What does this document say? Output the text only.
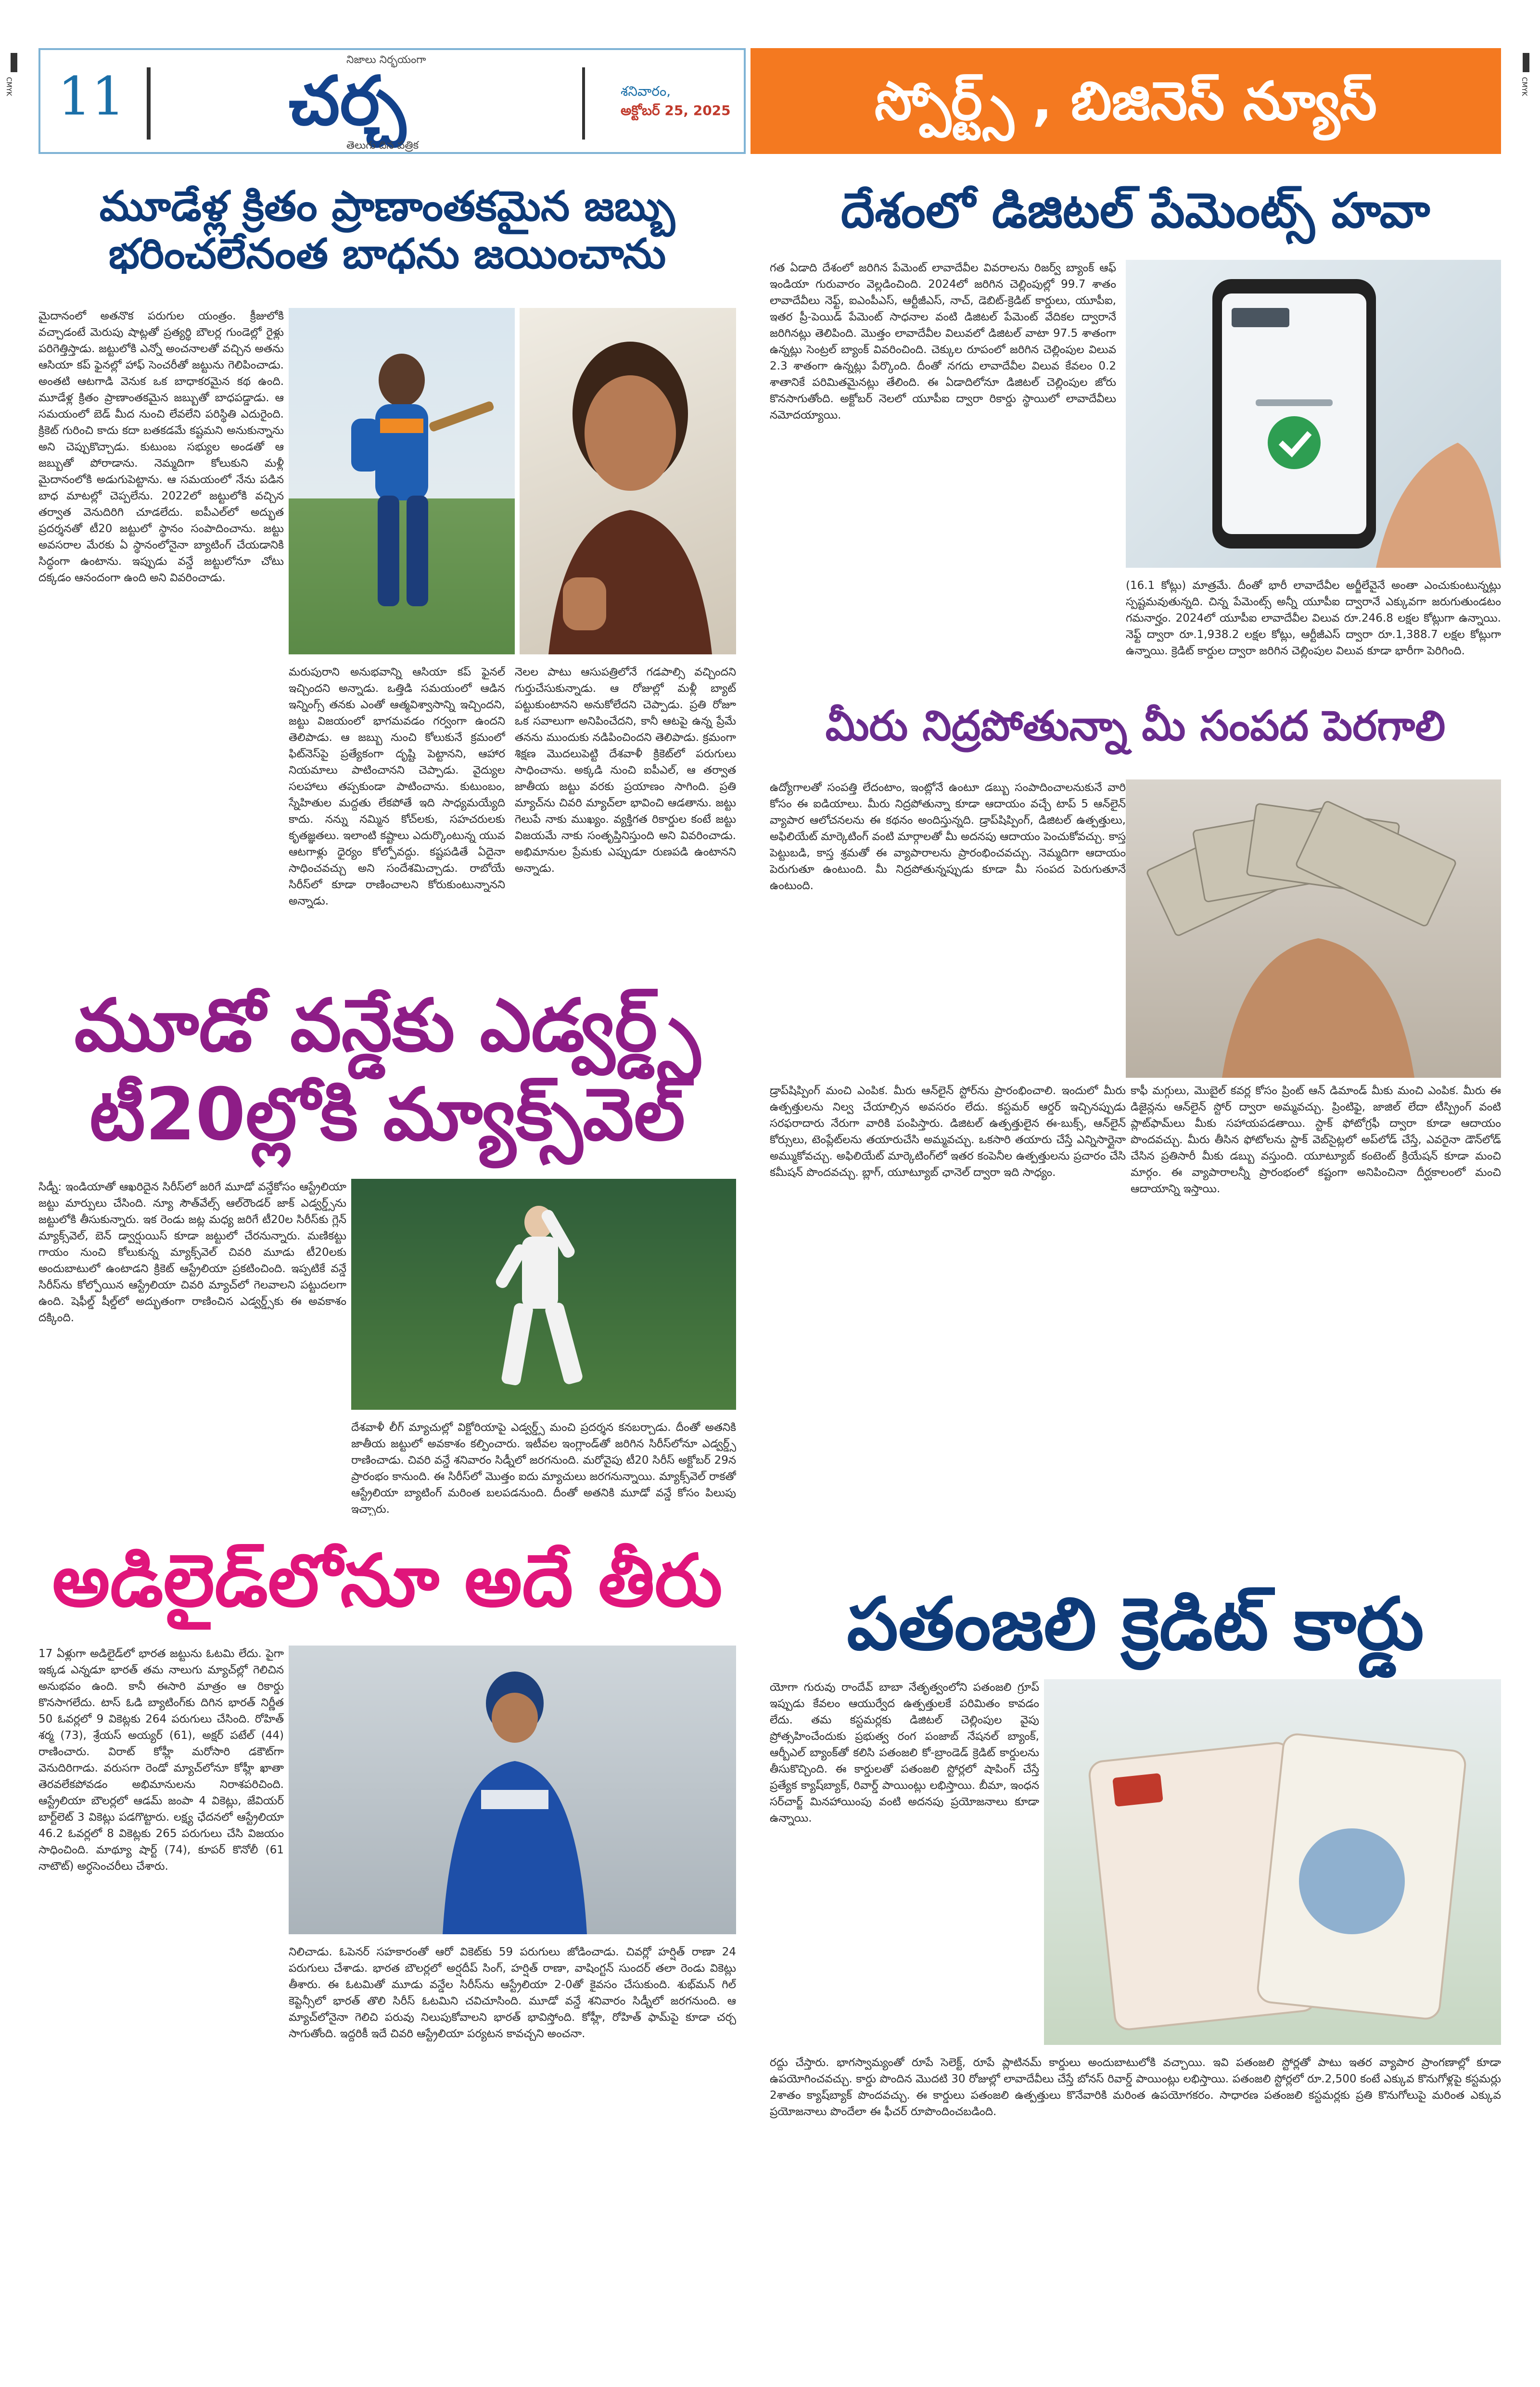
CMYK	CMYK
11
నిజాలు నిర్భయంగా
చర్చ
తెలుగు దిన పత్రిక
శనివారం,
అక్టోబర్ 25, 2025	స్పోర్ట్స్ , బిజినెస్ న్యూస్
మూడేళ్ల క్రితం ప్రాణాంతకమైన జబ్బు భరించలేనంత బాధను జయించాను
మైదానంలో అతనొక పరుగుల యంత్రం. క్రీజులోకి వచ్చాడంటే మెరుపు షాట్లతో ప్రత్యర్థి బౌలర్ల గుండెల్లో రైళ్లు పరిగెత్తిస్తాడు. జట్టులోకి ఎన్నో అంచనాలతో వచ్చిన అతను ఆసియా కప్ ఫైనల్లో హాఫ్ సెంచరీతో జట్టును గెలిపించాడు. అంతటి ఆటగాడి వెనుక ఒక బాధాకరమైన కథ ఉంది. మూడేళ్ల క్రితం ప్రాణాంతకమైన జబ్బుతో బాధపడ్డాడు. ఆ సమయంలో బెడ్ మీద నుంచి లేవలేని పరిస్థితి ఎదురైంది. క్రికెట్ గురించి కాదు కదా బతకడమే కష్టమని అనుకున్నాను అని చెప్పుకొచ్చాడు. కుటుంబ సభ్యుల అండతో ఆ జబ్బుతో పోరాడాను. నెమ్మదిగా కోలుకుని మళ్లీ మైదానంలోకి అడుగుపెట్టాను. ఆ సమయంలో నేను పడిన బాధ మాటల్లో చెప్పలేను. 2022లో జట్టులోకి వచ్చిన తర్వాత వెనుదిరిగి చూడలేదు. ఐపీఎల్‌లో అద్భుత ప్రదర్శనతో టీ20 జట్టులో స్థానం సంపాదించాను. జట్టు అవసరాల మేరకు ఏ స్థానంలోనైనా బ్యాటింగ్ చేయడానికి సిద్ధంగా ఉంటాను. ఇప్పుడు వన్డే జట్టులోనూ చోటు దక్కడం ఆనందంగా ఉంది అని వివరించాడు.
మరుపురాని అనుభవాన్ని ఆసియా కప్ ఫైనల్ ఇచ్చిందని అన్నాడు. ఒత్తిడి సమయంలో ఆడిన ఇన్నింగ్స్ తనకు ఎంతో ఆత్మవిశ్వాసాన్ని ఇచ్చిందని, జట్టు విజయంలో భాగమవడం గర్వంగా ఉందని తెలిపాడు. ఆ జబ్బు నుంచి కోలుకునే క్రమంలో ఫిట్‌నెస్‌పై ప్రత్యేకంగా దృష్టి పెట్టానని, ఆహార నియమాలు పాటించానని చెప్పాడు. వైద్యుల సలహాలు తప్పకుండా పాటించాను. కుటుంబం, స్నేహితుల మద్దతు లేకపోతే ఇది సాధ్యమయ్యేది కాదు. నన్ను నమ్మిన కోచ్‌లకు, సహచరులకు కృతజ్ఞతలు. ఇలాంటి కష్టాలు ఎదుర్కొంటున్న యువ ఆటగాళ్లు ధైర్యం కోల్పోవద్దు. కష్టపడితే ఏదైనా సాధించవచ్చు అని సందేశమిచ్చాడు. రాబోయే సిరీస్‌లో కూడా రాణించాలని కోరుకుంటున్నానని అన్నాడు.
నెలల పాటు ఆసుపత్రిలోనే గడపాల్సి వచ్చిందని గుర్తుచేసుకున్నాడు. ఆ రోజుల్లో మళ్లీ బ్యాట్ పట్టుకుంటానని అనుకోలేదని చెప్పాడు. ప్రతి రోజూ ఒక సవాలుగా అనిపించేదని, కానీ ఆటపై ఉన్న ప్రేమే తనను ముందుకు నడిపించిందని తెలిపాడు. క్రమంగా శిక్షణ మొదలుపెట్టి దేశవాళీ క్రికెట్‌లో పరుగులు సాధించాను. అక్కడి నుంచి ఐపీఎల్, ఆ తర్వాత జాతీయ జట్టు వరకు ప్రయాణం సాగింది. ప్రతి మ్యాచ్‌ను చివరి మ్యాచ్‌లా భావించి ఆడతాను. జట్టు గెలుపే నాకు ముఖ్యం. వ్యక్తిగత రికార్డుల కంటే జట్టు విజయమే నాకు సంతృప్తినిస్తుంది అని వివరించాడు. అభిమానుల ప్రేమకు ఎప్పుడూ రుణపడి ఉంటానని అన్నాడు.
దేశంలో డిజిటల్ పేమెంట్స్ హవా
గత ఏడాది దేశంలో జరిగిన పేమెంట్ లావాదేవీల వివరాలను రిజర్వ్ బ్యాంక్ ఆఫ్ ఇండియా గురువారం వెల్లడించింది. 2024లో జరిగిన చెల్లింపుల్లో 99.7 శాతం లావాదేవీలు నెఫ్ట్, ఐఎంపీఎస్, ఆర్టీజీఎస్, నాచ్, డెబిట్-క్రెడిట్ కార్డులు, యూపీఐ, ఇతర ప్రీ-పెయిడ్ పేమెంట్ సాధనాల వంటి డిజిటల్ పేమెంట్ వేదికల ద్వారానే జరిగినట్లు తెలిపింది. మొత్తం లావాదేవీల విలువలో డిజిటల్ వాటా 97.5 శాతంగా ఉన్నట్లు సెంట్రల్ బ్యాంక్ వివరించింది. చెక్కుల రూపంలో జరిగిన చెల్లింపుల విలువ 2.3 శాతంగా ఉన్నట్లు పేర్కొంది. దీంతో నగదు లావాదేవీల విలువ కేవలం 0.2 శాతానికే పరిమితమైనట్లు తేలింది. ఈ ఏడాదిలోనూ డిజిటల్ చెల్లింపుల జోరు కొనసాగుతోంది. అక్టోబర్ నెలలో యూపీఐ ద్వారా రికార్డు స్థాయిలో లావాదేవీలు నమోదయ్యాయి.
(16.1 కోట్లు) మాత్రమే. దీంతో భారీ లావాదేవీల అర్జీలేవైనే అంతా ఎంచుకుంటున్నట్లు స్పష్టమవుతున్నది. చిన్న పేమెంట్స్ అన్నీ యూపీఐ ద్వారానే ఎక్కువగా జరుగుతుండటం గమనార్హం. 2024లో యూపీఐ లావాదేవీల విలువ రూ.246.8 లక్షల కోట్లుగా ఉన్నాయి. నెఫ్ట్ ద్వారా రూ.1,938.2 లక్షల కోట్లు, ఆర్టీజీఎస్ ద్వారా రూ.1,388.7 లక్షల కోట్లుగా ఉన్నాయి. క్రెడిట్ కార్డుల ద్వారా జరిగిన చెల్లింపుల విలువ కూడా భారీగా పెరిగింది.
మీరు నిద్రపోతున్నా మీ సంపద పెరగాలి
ఉద్యోగాలతో సంపత్తి లేదంటాం, ఇంట్లోనే ఉంటూ డబ్బు సంపాదించాలనుకునే వారి కోసం ఈ ఐడియాలు. మీరు నిద్రపోతున్నా కూడా ఆదాయం వచ్చే టాప్ 5 ఆన్‌లైన్ వ్యాపార ఆలోచనలను ఈ కథనం అందిస్తున్నది. డ్రాప్‌షిప్పింగ్, డిజిటల్ ఉత్పత్తులు, అఫిలియేట్ మార్కెటింగ్ వంటి మార్గాలతో మీ అదనపు ఆదాయం పెంచుకోవచ్చు. కాస్త పెట్టుబడి, కాస్త శ్రమతో ఈ వ్యాపారాలను ప్రారంభించవచ్చు. నెమ్మదిగా ఆదాయం పెరుగుతూ ఉంటుంది. మీ నిద్రపోతున్నప్పుడు కూడా మీ సంపద పెరుగుతూనే ఉంటుంది.
డ్రాప్‌షిప్పింగ్ మంచి ఎంపిక. మీరు ఆన్‌లైన్ స్టోర్‌ను ప్రారంభించాలి. ఇందులో మీరు ఉత్పత్తులను నిల్వ చేయాల్సిన అవసరం లేదు. కస్టమర్ ఆర్డర్ ఇచ్చినప్పుడు సరఫరాదారు నేరుగా వారికి పంపిస్తారు. డిజిటల్ ఉత్పత్తులైన ఈ-బుక్స్, ఆన్‌లైన్ కోర్సులు, టెంప్లేట్‌లను తయారుచేసి అమ్మవచ్చు. ఒకసారి తయారు చేస్తే ఎన్నిసార్లైనా అమ్ముకోవచ్చు. అఫిలియేట్ మార్కెటింగ్‌లో ఇతర కంపెనీల ఉత్పత్తులను ప్రచారం చేసి కమీషన్ పొందవచ్చు. బ్లాగ్, యూట్యూబ్ ఛానెల్ ద్వారా ఇది సాధ్యం.
కాఫీ మగ్గులు, మొబైల్ కవర్ల కోసం ప్రింట్ ఆన్ డిమాండ్ మీకు మంచి ఎంపిక. మీరు ఈ డిజైన్లను ఆన్‌లైన్ స్టోర్ ద్వారా అమ్మవచ్చు. ప్రింటిఫై, జాజిల్ లేదా టీస్ప్రింగ్ వంటి ప్లాట్‌ఫామ్‌లు మీకు సహాయపడతాయి. స్టాక్ ఫోటోగ్రఫీ ద్వారా కూడా ఆదాయం పొందవచ్చు. మీరు తీసిన ఫోటోలను స్టాక్ వెబ్‌సైట్లలో అప్‌లోడ్ చేస్తే, ఎవరైనా డౌన్‌లోడ్ చేసిన ప్రతిసారీ మీకు డబ్బు వస్తుంది. యూట్యూబ్ కంటెంట్ క్రియేషన్ కూడా మంచి మార్గం. ఈ వ్యాపారాలన్నీ ప్రారంభంలో కష్టంగా అనిపించినా దీర్ఘకాలంలో మంచి ఆదాయాన్ని ఇస్తాయి.
మూడో వన్డేకు ఎడ్వర్డ్స్ టీ20ల్లోకి మ్యాక్స్‌వెల్
సిడ్నీ: ఇండియాతో ఆఖరిదైన సిరీస్‌లో జరిగే మూడో వన్డేకోసం ఆస్ట్రేలియా జట్టు మార్పులు చేసింది. న్యూ సౌత్‌వేల్స్ ఆల్‌రౌండర్ జాక్ ఎడ్వర్డ్స్‌ను జట్టులోకి తీసుకున్నారు. ఇక రెండు జట్ల మధ్య జరిగే టీ20ల సిరీస్‌కు గ్లెన్ మ్యాక్స్‌వెల్, బెన్ డ్వార్షుయిస్ కూడా జట్టులో చేరనున్నారు. మణికట్టు గాయం నుంచి కోలుకున్న మ్యాక్స్‌వెల్ చివరి మూడు టీ20లకు అందుబాటులో ఉంటాడని క్రికెట్ ఆస్ట్రేలియా ప్రకటించింది. ఇప్పటికే వన్డే సిరీస్‌ను కోల్పోయిన ఆస్ట్రేలియా చివరి మ్యాచ్‌లో గెలవాలని పట్టుదలగా ఉంది. షెఫీల్డ్ షీల్డ్‌లో అద్భుతంగా రాణించిన ఎడ్వర్డ్స్‌కు ఈ అవకాశం దక్కింది.
దేశవాళీ లీగ్ మ్యాచుల్లో విక్టోరియాపై ఎడ్వర్డ్స్ మంచి ప్రదర్శన కనబర్చాడు. దీంతో అతనికి జాతీయ జట్టులో అవకాశం కల్పించారు. ఇటీవల ఇంగ్లాండ్‌తో జరిగిన సిరీస్‌లోనూ ఎడ్వర్డ్స్ రాణించాడు. చివరి వన్డే శనివారం సిడ్నీలో జరగనుంది. మరోవైపు టీ20 సిరీస్ అక్టోబర్ 29న ప్రారంభం కానుంది. ఈ సిరీస్‌లో మొత్తం ఐదు మ్యాచులు జరగనున్నాయి. మ్యాక్స్‌వెల్ రాకతో ఆస్ట్రేలియా బ్యాటింగ్ మరింత బలపడనుంది. దీంతో అతనికి మూడో వన్డే కోసం పిలుపు ఇచ్చారు.
అడిలైడ్‌లోనూ అదే తీరు
17 ఏళ్లుగా అడిలైడ్‌లో భారత జట్టును ఓటమి లేదు. పైగా ఇక్కడ ఎన్నడూ భారత్ తమ నాలుగు మ్యాచ్‌ల్లో గెలిచిన అనుభవం ఉంది. కానీ ఈసారి మాత్రం ఆ రికార్డు కొనసాగలేదు. టాస్ ఓడి బ్యాటింగ్‌కు దిగిన భారత్ నిర్ణీత 50 ఓవర్లలో 9 వికెట్లకు 264 పరుగులు చేసింది. రోహిత్ శర్మ (73), శ్రేయస్ అయ్యర్ (61), అక్షర్ పటేల్ (44) రాణించారు. విరాట్ కోహ్లీ మరోసారి డకౌట్‌గా వెనుదిరిగాడు. వరుసగా రెండో మ్యాచ్‌లోనూ కోహ్లీ ఖాతా తెరవలేకపోవడం అభిమానులను నిరాశపరిచింది. ఆస్ట్రేలియా బౌలర్లలో ఆడమ్ జంపా 4 వికెట్లు, జేవియర్ బార్ట్‌లెట్ 3 వికెట్లు పడగొట్టారు. లక్ష్య ఛేదనలో ఆస్ట్రేలియా 46.2 ఓవర్లలో 8 వికెట్లకు 265 పరుగులు చేసి విజయం సాధించింది. మాథ్యూ షార్ట్ (74), కూపర్ కొనోలీ (61 నాటౌట్) అర్ధసెంచరీలు చేశారు.
నిలిచాడు. ఓపెనర్ సహకారంతో ఆరో వికెట్‌కు 59 పరుగులు జోడించాడు. చివర్లో హర్షిత్ రాణా 24 పరుగులు చేశాడు. భారత బౌలర్లలో అర్షదీప్ సింగ్, హర్షిత్ రాణా, వాషింగ్టన్ సుందర్ తలా రెండు వికెట్లు తీశారు. ఈ ఓటమితో మూడు వన్డేల సిరీస్‌ను ఆస్ట్రేలియా 2-0తో కైవసం చేసుకుంది. శుభ్‌మన్ గిల్ కెప్టెన్సీలో భారత్ తొలి సిరీస్ ఓటమిని చవిచూసింది. మూడో వన్డే శనివారం సిడ్నీలో జరగనుంది. ఆ మ్యాచ్‌లోనైనా గెలిచి పరువు నిలుపుకోవాలని భారత్ భావిస్తోంది. కోహ్లీ, రోహిత్ ఫామ్‌పై కూడా చర్చ సాగుతోంది. ఇద్దరికీ ఇదే చివరి ఆస్ట్రేలియా పర్యటన కావచ్చని అంచనా.
పతంజలి క్రెడిట్ కార్డు
యోగా గురువు రాందేవ్ బాబా నేతృత్వంలోని పతంజలి గ్రూప్ ఇప్పుడు కేవలం ఆయుర్వేద ఉత్పత్తులకే పరిమితం కావడం లేదు. తమ కస్టమర్లకు డిజిటల్ చెల్లింపుల వైపు ప్రోత్సహించేందుకు ప్రభుత్వ రంగ పంజాబ్ నేషనల్ బ్యాంక్, ఆర్బీఎల్ బ్యాంక్‌తో కలిసి పతంజలి కో-బ్రాండెడ్ క్రెడిట్ కార్డులను తీసుకొచ్చింది. ఈ కార్డులతో పతంజలి స్టోర్లలో షాపింగ్ చేస్తే ప్రత్యేక క్యాష్‌బ్యాక్, రివార్డ్ పాయింట్లు లభిస్తాయి. బీమా, ఇంధన సర్‌చార్జ్ మినహాయింపు వంటి అదనపు ప్రయోజనాలు కూడా ఉన్నాయి.
రద్దు చేస్తారు. భాగస్వామ్యంతో రూపే సెలెక్ట్, రూపే ప్లాటినమ్ కార్డులు అందుబాటులోకి వచ్చాయి. ఇవి పతంజలి స్టోర్లతో పాటు ఇతర వ్యాపార ప్రాంగణాల్లో కూడా ఉపయోగించవచ్చు. కార్డు పొందిన మొదటి 30 రోజుల్లో లావాదేవీలు చేస్తే బోనస్ రివార్డ్ పాయింట్లు లభిస్తాయి. పతంజలి స్టోర్లలో రూ.2,500 కంటే ఎక్కువ కొనుగోళ్లపై కస్టమర్లు 2శాతం క్యాష్‌బ్యాక్ పొందవచ్చు. ఈ కార్డులు పతంజలి ఉత్పత్తులు కొనేవారికి మరింత ఉపయోగకరం. సాధారణ పతంజలి కస్టమర్లకు ప్రతి కొనుగోలుపై మరింత ఎక్కువ ప్రయోజనాలు పొందేలా ఈ ఫీచర్ రూపొందించబడింది.
